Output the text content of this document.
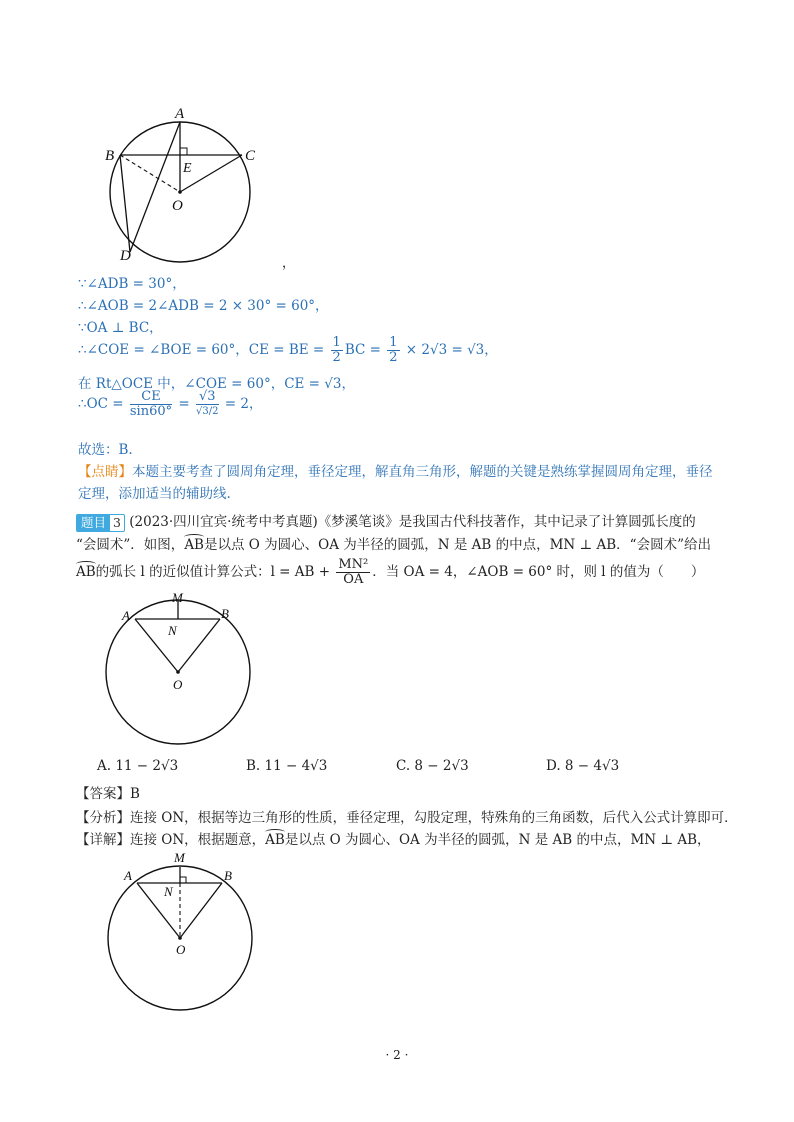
A
B	C
E
O
D	，
∵∠ADB = 30°，
∴∠AOB = 2∠ADB = 2 × 30° = 60°，
∵OA ⊥ BC，
∴∠COE = ∠BOE = 60°，CE = BE = $\frac{1}{2}$ BC = $\frac{1}{2} \times 2√3 = √3$，
在 Rt△OCE 中，∠COE = 60°，CE = √3，
∴OC = $\frac{CE}{\sin 60^\circ} = \frac{√3}{√3/2} = 2$，
故选：B.
【点睛】本题主要考查了圆周角定理，垂径定理，解直角三角形，解题的关键是熟练掌握圆周角定理，垂径
定理，添加适当的辅助线.
题目 3 (2023·四川宜宾·统考中考真题)《梦溪笔谈》是我国古代科技著作，其中记录了计算圆弧长度的
“会圆术”．如图，AB是以点 O 为圆心、OA 为半径的圆弧，N 是 AB 的中点，MN ⊥ AB．“会圆术”给出
AB的弧长 l 的近似值计算公式：l = AB + $\frac{\text{MN²}}{OA}$ ．当 OA = 4，∠AOB = 60° 时，则 l 的值为（　　）
M
A	B
N
O
A. 11 − 2√3	B. 11 − 4√3	C. 8 − 2√3	D. 8 − 4√3
【答案】B
【分析】连接 ON，根据等边三角形的性质，垂径定理，勾股定理，特殊角的三角函数，后代入公式计算即可．
【详解】连接 ON，根据题意，AB是以点 O 为圆心、OA 为半径的圆弧，N 是 AB 的中点，MN ⊥ AB，
M
A	B
N
O
· 2 ·
